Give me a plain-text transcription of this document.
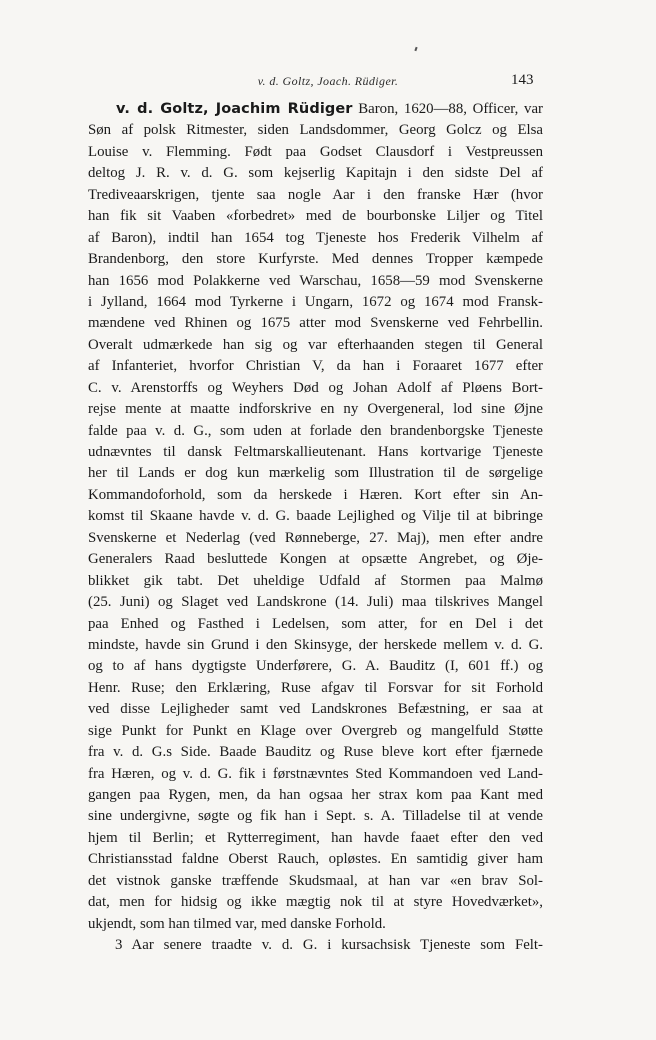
v. d. Goltz, Joach. Rüdiger.	143
v. d. Goltz, Joachim Rüdiger Baron, 1620—88, Officer, var
Søn af polsk Ritmester, siden Landsdommer, Georg Golcz og Elsa
Louise v. Flemming. Født paa Godset Clausdorf i Vestpreussen
deltog J. R. v. d. G. som kejserlig Kapitajn i den sidste Del af
Trediveaarskrigen, tjente saa nogle Aar i den franske Hær (hvor
han fik sit Vaaben «forbedret» med de bourbonske Liljer og Titel
af Baron), indtil han 1654 tog Tjeneste hos Frederik Vilhelm af
Brandenborg, den store Kurfyrste. Med dennes Tropper kæmpede
han 1656 mod Polakkerne ved Warschau, 1658—59 mod Svenskerne
i Jylland, 1664 mod Tyrkerne i Ungarn, 1672 og 1674 mod Fransk-
mændene ved Rhinen og 1675 atter mod Svenskerne ved Fehrbellin.
Overalt udmærkede han sig og var efterhaanden stegen til General
af Infanteriet, hvorfor Christian V, da han i Foraaret 1677 efter
C. v. Arenstorffs og Weyhers Død og Johan Adolf af Pløens Bort-
rejse mente at maatte indforskrive en ny Overgeneral, lod sine Øjne
falde paa v. d. G., som uden at forlade den brandenborgske Tjeneste
udnævntes til dansk Feltmarskallieutenant. Hans kortvarige Tjeneste
her til Lands er dog kun mærkelig som Illustration til de sørgelige
Kommandoforhold, som da herskede i Hæren. Kort efter sin An-
komst til Skaane havde v. d. G. baade Lejlighed og Vilje til at bibringe
Svenskerne et Nederlag (ved Rønneberge, 27. Maj), men efter andre
Generalers Raad besluttede Kongen at opsætte Angrebet, og Øje-
blikket gik tabt. Det uheldige Udfald af Stormen paa Malmø
(25. Juni) og Slaget ved Landskrone (14. Juli) maa tilskrives Mangel
paa Enhed og Fasthed i Ledelsen, som atter, for en Del i det
mindste, havde sin Grund i den Skinsyge, der herskede mellem v. d. G.
og to af hans dygtigste Underførere, G. A. Bauditz (I, 601 ff.) og
Henr. Ruse; den Erklæring, Ruse afgav til Forsvar for sit Forhold
ved disse Lejligheder samt ved Landskrones Befæstning, er saa at
sige Punkt for Punkt en Klage over Overgreb og mangelfuld Støtte
fra v. d. G.s Side. Baade Bauditz og Ruse bleve kort efter fjærnede
fra Hæren, og v. d. G. fik i førstnævntes Sted Kommandoen ved Land-
gangen paa Rygen, men, da han ogsaa her strax kom paa Kant med
sine undergivne, søgte og fik han i Sept. s. A. Tilladelse til at vende
hjem til Berlin; et Rytterregiment, han havde faaet efter den ved
Christiansstad faldne Oberst Rauch, opløstes. En samtidig giver ham
det vistnok ganske træffende Skudsmaal, at han var «en brav Sol-
dat, men for hidsig og ikke mægtig nok til at styre Hovedværket»,
ukjendt, som han tilmed var, med danske Forhold.
3 Aar senere traadte v. d. G. i kursachsisk Tjeneste som Felt-
